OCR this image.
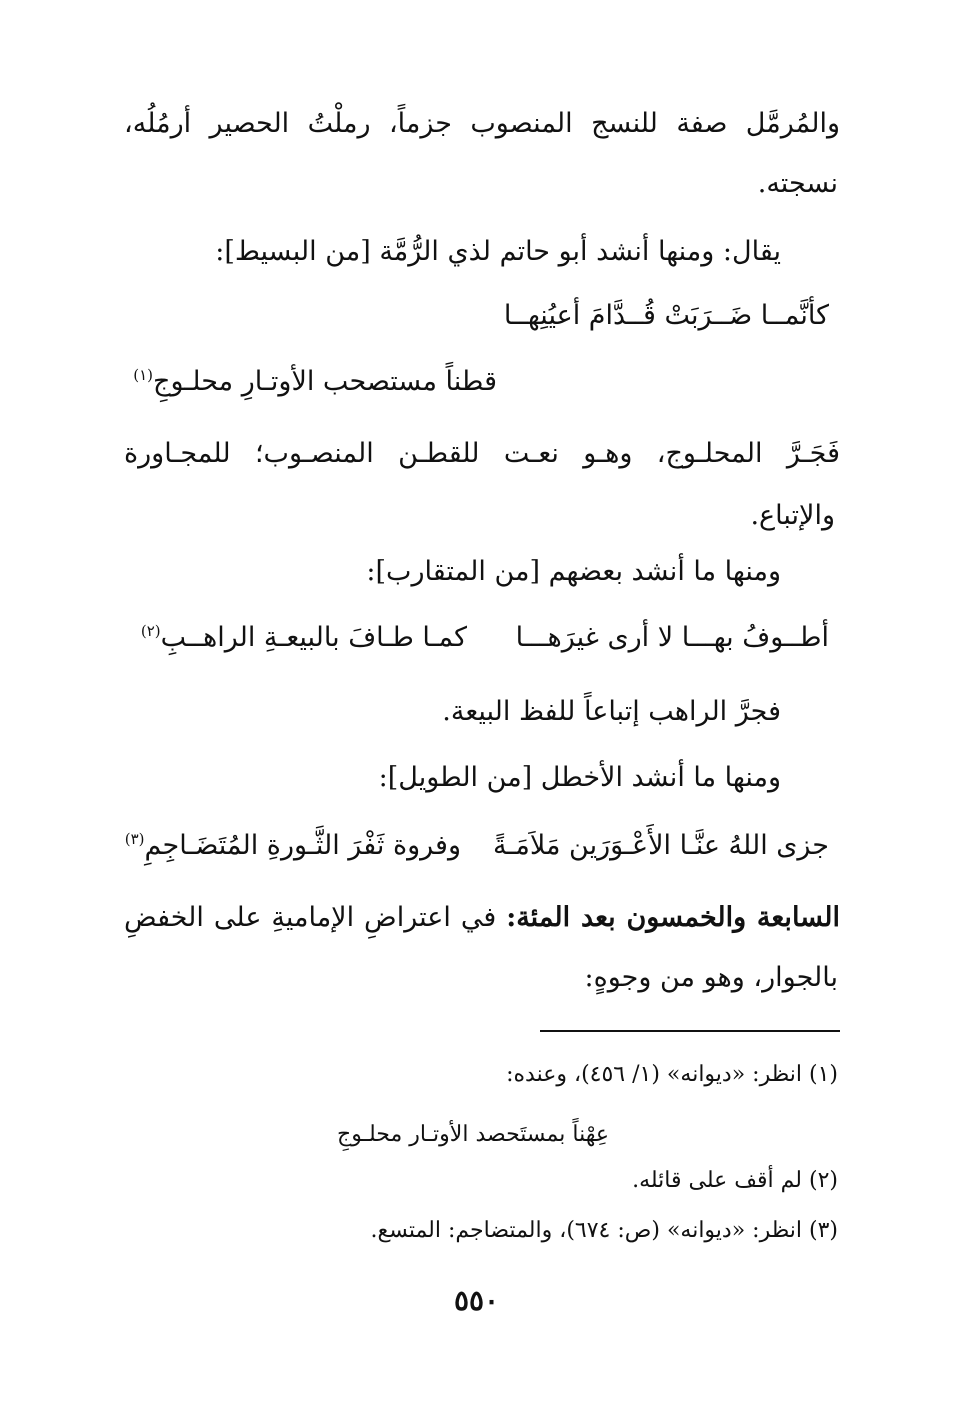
والمُرمَّل صفة للنسج المنصوب جزماً، رملْتُ الحصير أرمُلُه،
نسجته.
يقال: ومنها أنشد أبو حاتم لذي الرُّمَّة [من البسيط]:
كأنَّمــا ضَــرَبَتْ قُــدَّامَ أعيُنِهــا
قطناً مستصحب الأوتـارِ محلـوجِ$^{(١)}$
فَجَـرَّ المحلـوج، وهـو نعـت للقطـن المنصـوب؛ للمجـاورة
والإتباع.
ومنها ما أنشد بعضهم [من المتقارب]:
أطــوفُ بهـــا لا أرى غيرَهـــا
كمـا طـافَ بالبيعـةِ الراهــبِ$^{(٢)}$
فجرَّ الراهب إتباعاً للفظ البيعة.
ومنها ما أنشد الأخطل [من الطويل]:
جزى اللهُ عنَّـا الأَعْـوَرَين مَلاَمَـةً
وفروة ثَفْرَ الثَّـورةِ المُتَضَـاجِمِ$^{(٣)}$
السابعة والخمسون بعد المئة: في اعتراضِ الإماميةِ على الخفضِ
بالجوار، وهو من وجوهٍ:
(١) انظر: «ديوانه» (١/ ٤٥٦)، وعنده:
عِهْناً بمستَحصد الأوتـار محلـوجِ
(٢) لم أقف على قائله.
(٣) انظر: «ديوانه» (ص: ٦٧٤)، والمتضاجم: المتسع.
٥٥٠
